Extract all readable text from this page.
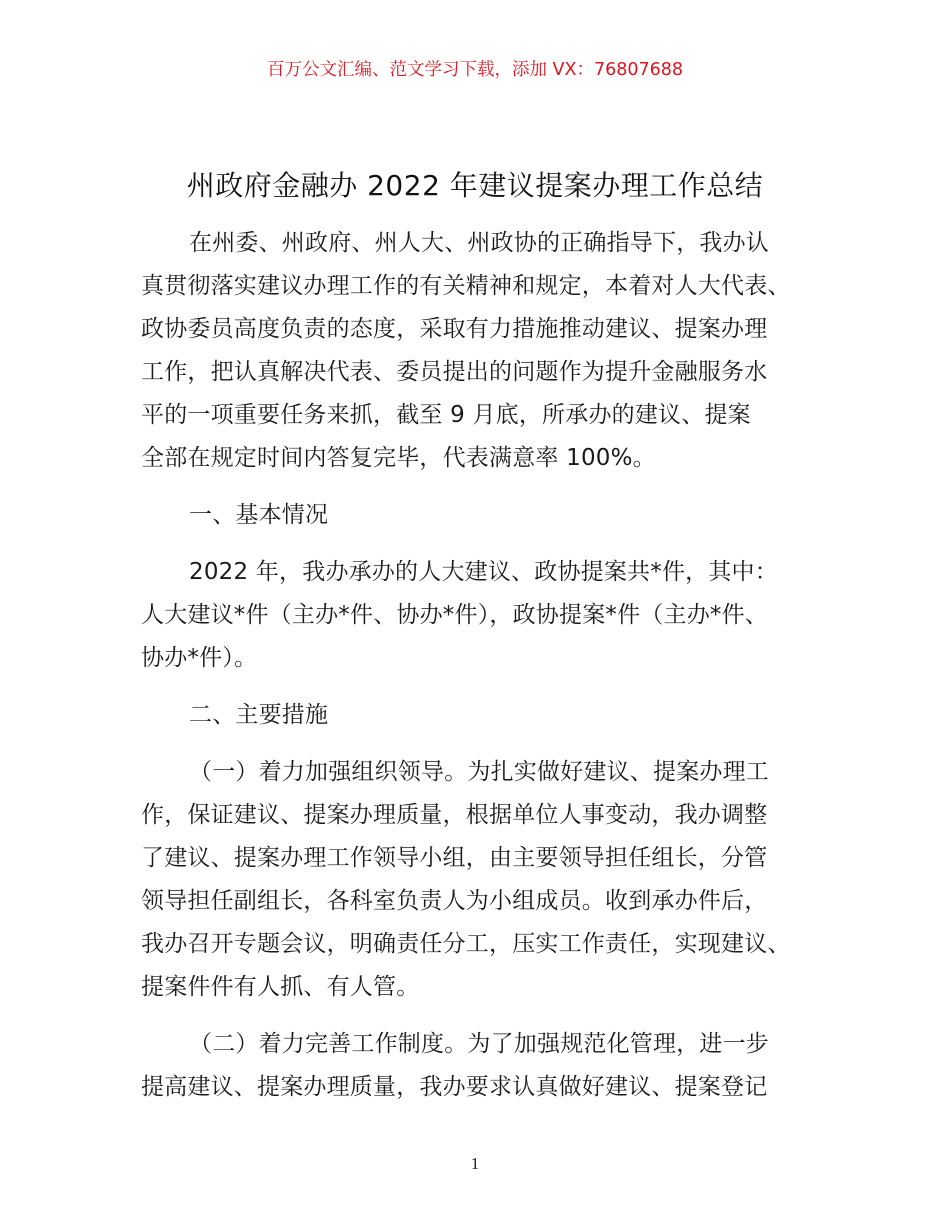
百万公文汇编、范文学习下载，添加 VX：76807688
州政府金融办 2022 年建议提案办理工作总结

在州委、州政府、州人大、州政协的正确指导下，我办认
真贯彻落实建议办理工作的有关精神和规定，本着对人大代表、
政协委员高度负责的态度，采取有力措施推动建议、提案办理
工作，把认真解决代表、委员提出的问题作为提升金融服务水
平的一项重要任务来抓，截至 9 月底，所承办的建议、提案
全部在规定时间内答复完毕，代表满意率 100%。

一、基本情况

2022 年，我办承办的人大建议、政协提案共*件，其中：
人大建议*件（主办*件、协办*件），政协提案*件（主办*件、
协办*件）。

二、主要措施

（一）着力加强组织领导。为扎实做好建议、提案办理工
作，保证建议、提案办理质量，根据单位人事变动，我办调整
了建议、提案办理工作领导小组，由主要领导担任组长，分管
领导担任副组长，各科室负责人为小组成员。收到承办件后，
我办召开专题会议，明确责任分工，压实工作责任，实现建议、
提案件件有人抓、有人管。

（二）着力完善工作制度。为了加强规范化管理，进一步
提高建议、提案办理质量，我办要求认真做好建议、提案登记

1
